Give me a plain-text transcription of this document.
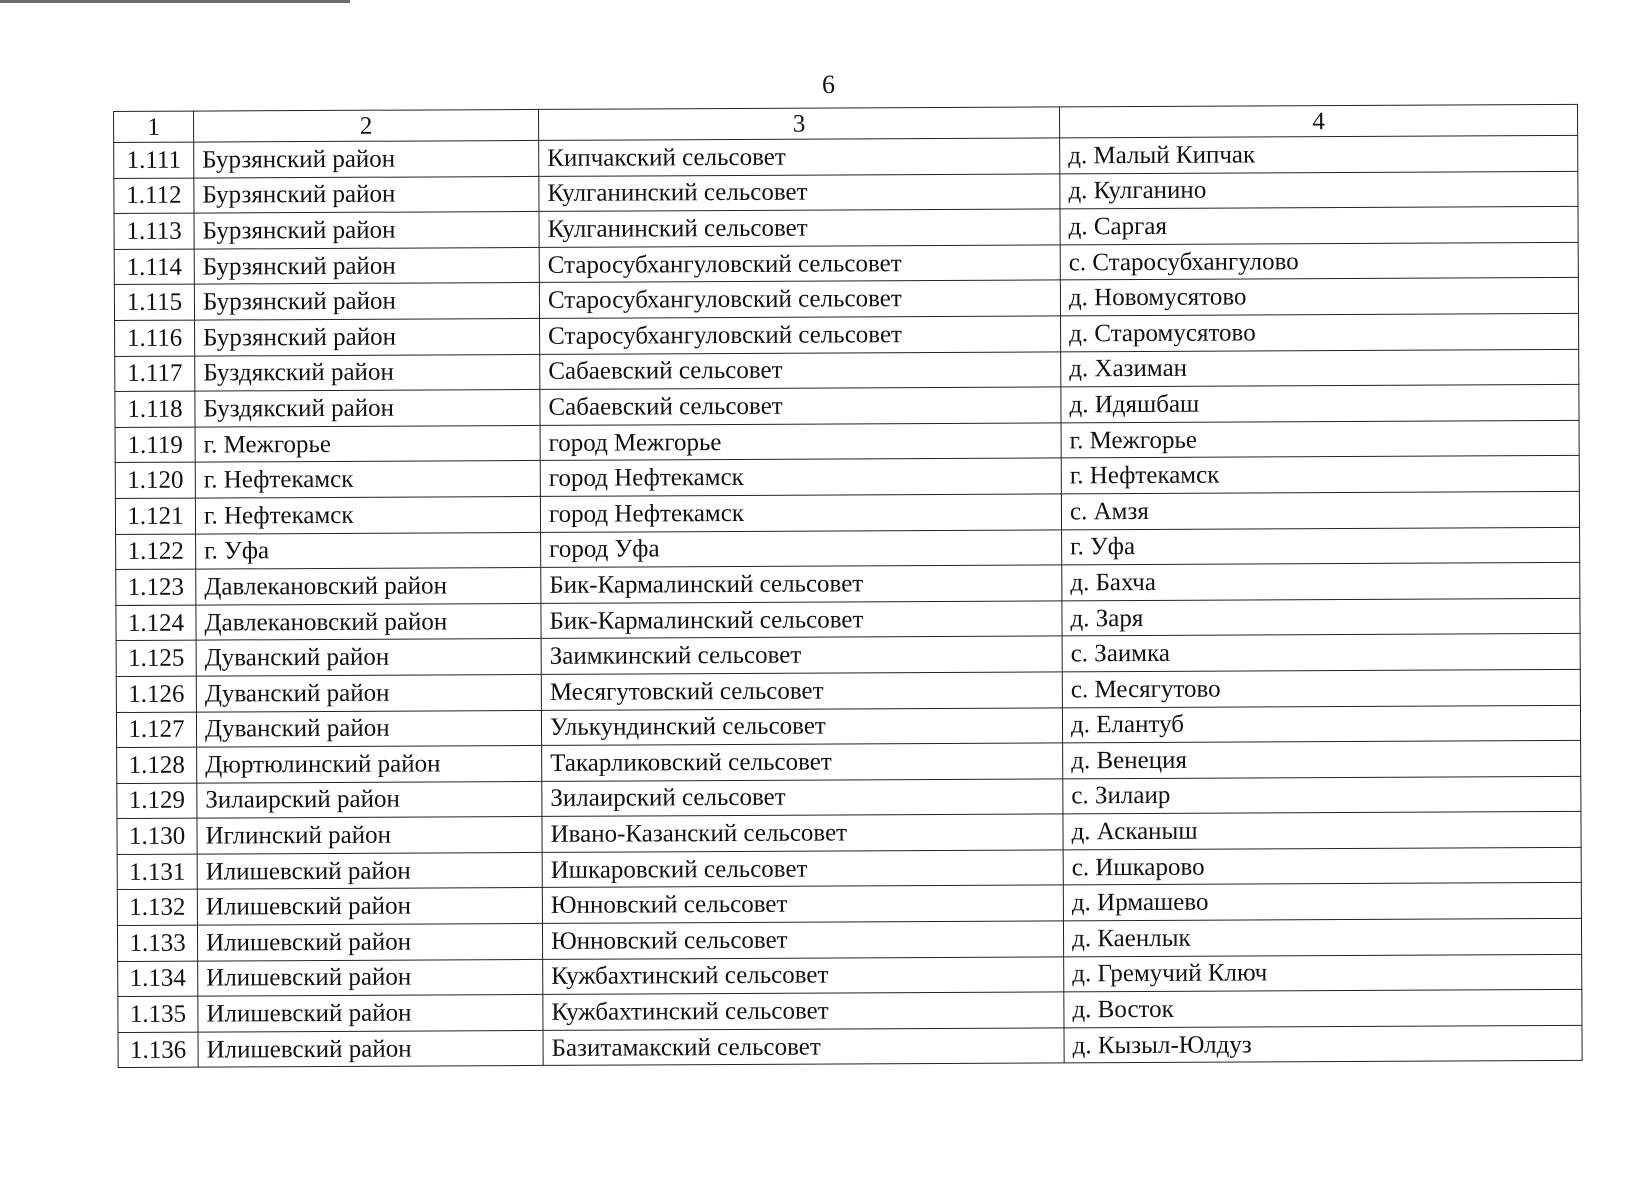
6
1	2	3	4
1.111	Бурзянский район	Кипчакский сельсовет	д. Малый Кипчак
1.112	Бурзянский район	Кулганинский сельсовет	д. Кулганино
1.113	Бурзянский район	Кулганинский сельсовет	д. Саргая
1.114	Бурзянский район	Старосубхангуловский сельсовет	с. Старосубхангулово
1.115	Бурзянский район	Старосубхангуловский сельсовет	д. Новомусятово
1.116	Бурзянский район	Старосубхангуловский сельсовет	д. Старомусятово
1.117	Буздякский район	Сабаевский сельсовет	д. Хазиман
1.118	Буздякский район	Сабаевский сельсовет	д. Идяшбаш
1.119	г. Межгорье	город Межгорье	г. Межгорье
1.120	г. Нефтекамск	город Нефтекамск	г. Нефтекамск
1.121	г. Нефтекамск	город Нефтекамск	с. Амзя
1.122	г. Уфа	город Уфа	г. Уфа
1.123	Давлекановский район	Бик-Кармалинский сельсовет	д. Бахча
1.124	Давлекановский район	Бик-Кармалинский сельсовет	д. Заря
1.125	Дуванский район	Заимкинский сельсовет	с. Заимка
1.126	Дуванский район	Месягутовский сельсовет	с. Месягутово
1.127	Дуванский район	Улькундинский сельсовет	д. Елантуб
1.128	Дюртюлинский район	Такарликовский сельсовет	д. Венеция
1.129	Зилаирский район	Зилаирский сельсовет	с. Зилаир
1.130	Иглинский район	Ивано-Казанский сельсовет	д. Асканыш
1.131	Илишевский район	Ишкаровский сельсовет	с. Ишкарово
1.132	Илишевский район	Юнновский сельсовет	д. Ирмашево
1.133	Илишевский район	Юнновский сельсовет	д. Каенлык
1.134	Илишевский район	Кужбахтинский сельсовет	д. Гремучий Ключ
1.135	Илишевский район	Кужбахтинский сельсовет	д. Восток
1.136	Илишевский район	Базитамакский сельсовет	д. Кызыл-Юлдуз
